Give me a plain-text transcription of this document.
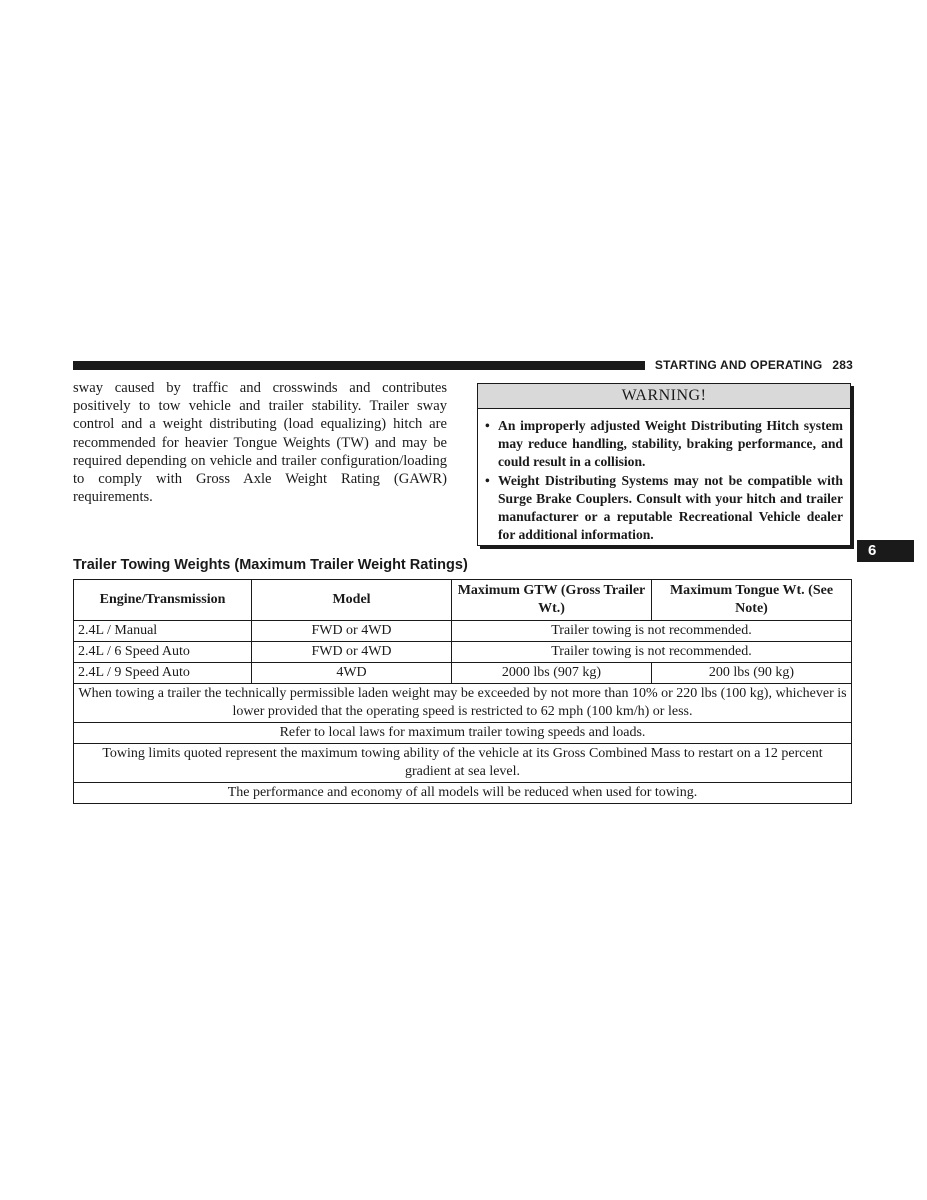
STARTING AND OPERATING 283

sway caused by traffic and crosswinds and contributes positively to tow vehicle and trailer stability. Trailer sway control and a weight distributing (load equalizing) hitch are recommended for heavier Tongue Weights (TW) and may be required depending on vehicle and trailer configuration/loading to comply with Gross Axle Weight Rating (GAWR) requirements.

WARNING!
• An improperly adjusted Weight Distributing Hitch system may reduce handling, stability, braking performance, and could result in a collision.
• Weight Distributing Systems may not be compatible with Surge Brake Couplers. Consult with your hitch and trailer manufacturer or a reputable Recreational Vehicle dealer for additional information.
6
Trailer Towing Weights (Maximum Trailer Weight Ratings)
Engine/Transmission	Model	Maximum GTW (Gross Trailer Wt.)	Maximum Tongue Wt. (See Note)
2.4L / Manual	FWD or 4WD	Trailer towing is not recommended.	
2.4L / 6 Speed Auto	FWD or 4WD	Trailer towing is not recommended.	
2.4L / 9 Speed Auto	4WD	2000 lbs (907 kg)	200 lbs (90 kg)
When towing a trailer the technically permissible laden weight may be exceeded by not more than 10% or 220 lbs (100 kg), whichever is lower provided that the operating speed is restricted to 62 mph (100 km/h) or less.			
Refer to local laws for maximum trailer towing speeds and loads.			
Towing limits quoted represent the maximum towing ability of the vehicle at its Gross Combined Mass to restart on a 12 percent gradient at sea level.			
The performance and economy of all models will be reduced when used for towing.			
